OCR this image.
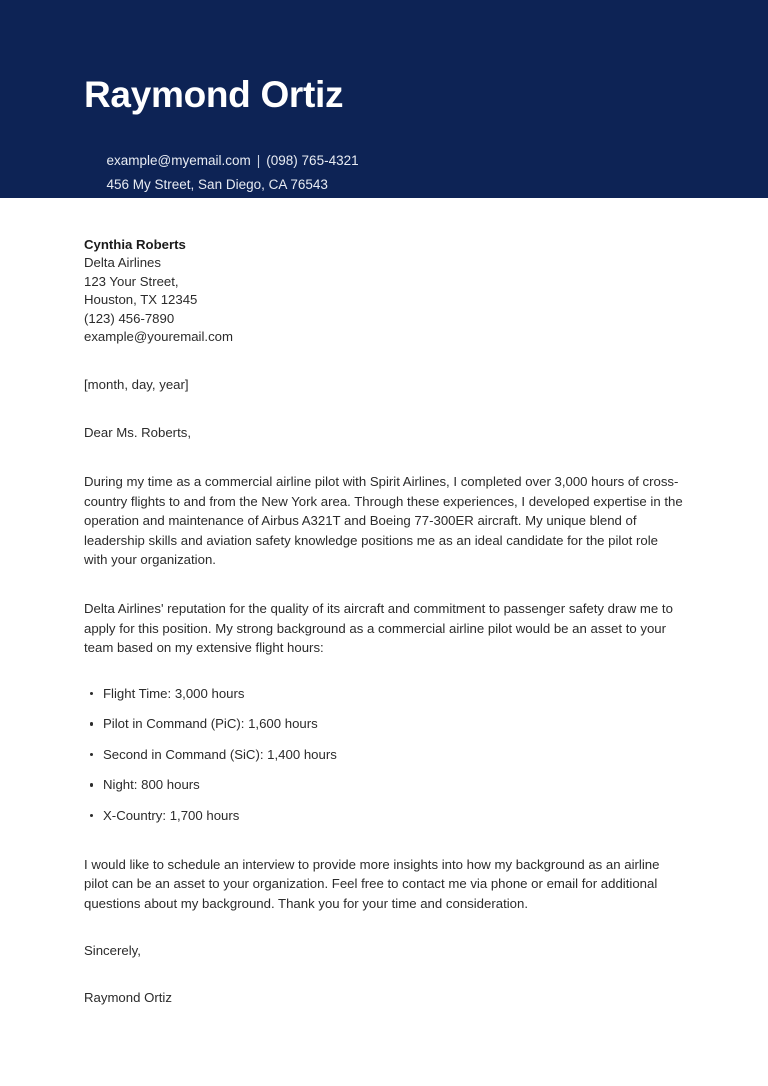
Raymond Ortiz

example@myemail.com | (098) 765-4321

456 My Street, San Diego, CA 76543

Cynthia Roberts
Delta Airlines
123 Your Street,
Houston, TX 12345
(123) 456-7890
example@youremail.com
[month, day, year]
Dear Ms. Roberts,

During my time as a commercial airline pilot with Spirit Airlines, I completed over 3,000 hours of cross-country flights to and from the New York area. Through these experiences, I developed expertise in the operation and maintenance of Airbus A321T and Boeing 77-300ER aircraft. My unique blend of leadership skills and aviation safety knowledge positions me as an ideal candidate for the pilot role with your organization.

Delta Airlines' reputation for the quality of its aircraft and commitment to passenger safety draw me to apply for this position. My strong background as a commercial airline pilot would be an asset to your team based on my extensive flight hours:

Flight Time: 3,000 hours
Pilot in Command (PiC): 1,600 hours
Second in Command (SiC): 1,400 hours
Night: 800 hours
X-Country: 1,700 hours

I would like to schedule an interview to provide more insights into how my background as an airline pilot can be an asset to your organization. Feel free to contact me via phone or email for additional questions about my background. Thank you for your time and consideration.

Sincerely,
Raymond Ortiz
